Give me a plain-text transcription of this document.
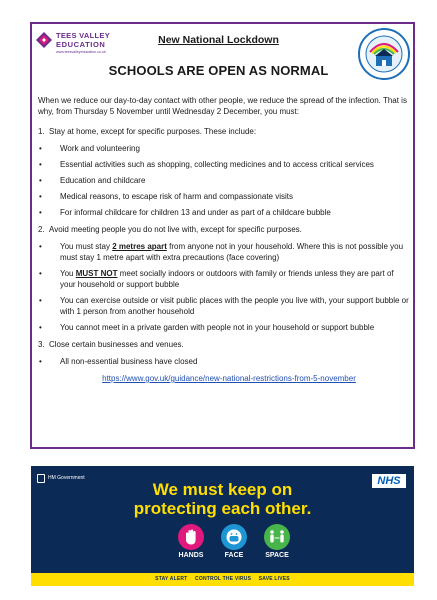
TEES VALLEY
EDUCATION
www.teesvalleyeducation.co.uk
New National Lockdown
SCHOOLS ARE OPEN AS NORMAL

When we reduce our day-to-day contact with other people, we reduce the spread of the infection. That is why, from Thursday 5 November until Wednesday 2 December, you must:

1. Stay at home, except for specific purposes. These include:
•	Work and volunteering
•	Essential activities such as shopping, collecting medicines and to access critical services
•	Education and childcare
•	Medical reasons, to escape risk of harm and compassionate visits
•	For informal childcare for children 13 and under as part of a childcare bubble
2. Avoid meeting people you do not live with, except for specific purposes.
•	You must stay 2 metres apart from anyone not in your household. Where this is not possible you must stay 1 metre apart with extra precautions (face covering)
•	You MUST NOT meet socially indoors or outdoors with family or friends unless they are part of your household or support bubble
•	You can exercise outside or visit public places with the people you live with, your support bubble or with 1 person from another household
•	You cannot meet in a private garden with people not in your household or support bubble
3. Close certain businesses and venues.
•	All non-essential business have closed
https://www.gov.uk/guidance/new-national-restrictions-from-5-november
HM Government	NHS
We must keep on
protecting each other.
HANDS	FACE	SPACE
STAY ALERT CONTROL THE VIRUS SAVE LIVES
